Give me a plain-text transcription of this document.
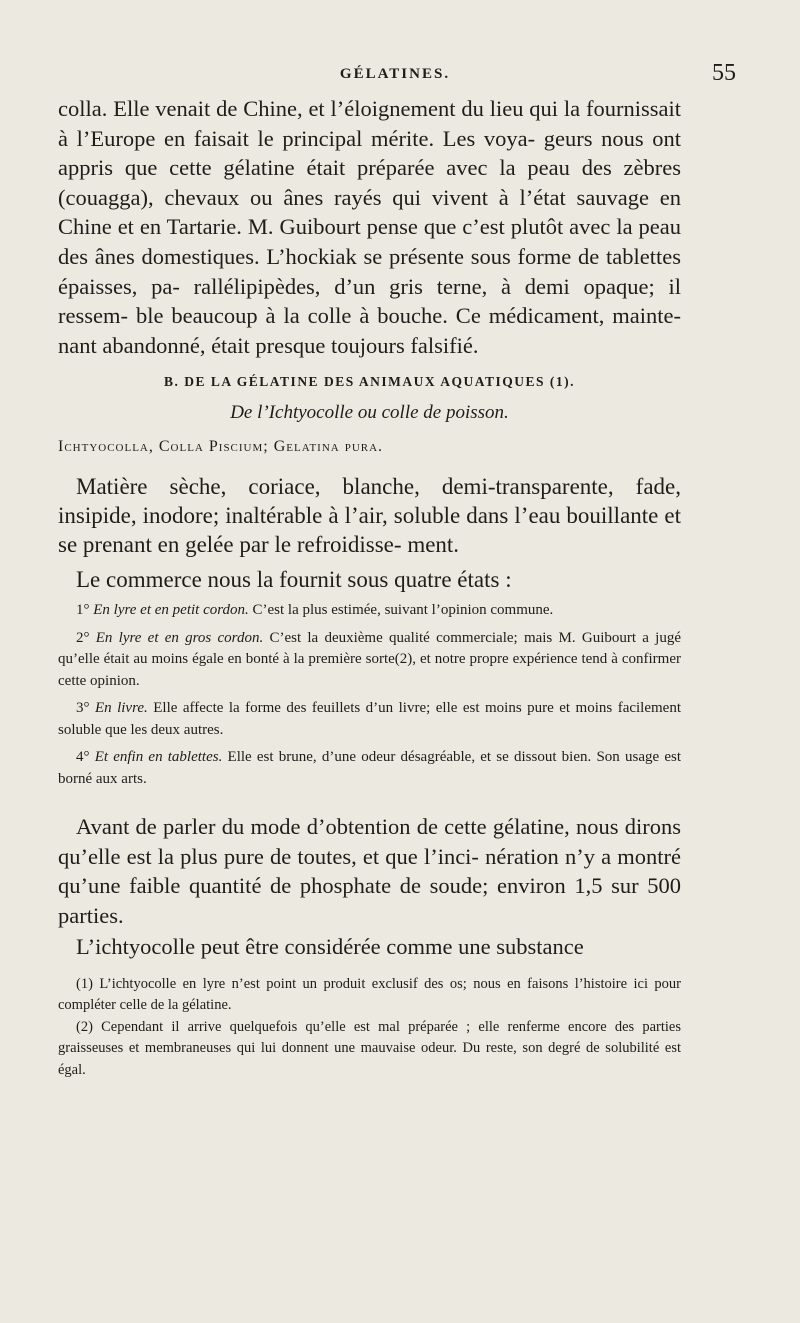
GÉLATINES.	55

colla. Elle venait de Chine, et l’éloignement du lieu qui la fournissait à l’Europe en faisait le principal mérite. Les voya- geurs nous ont appris que cette gélatine était préparée avec la peau des zèbres (couagga), chevaux ou ânes rayés qui vivent à l’état sauvage en Chine et en Tartarie. M. Guibourt pense que c’est plutôt avec la peau des ânes domestiques. L’hockiak se présente sous forme de tablettes épaisses, pa- rallélipipèdes, d’un gris terne, à demi opaque; il ressem- ble beaucoup à la colle à bouche. Ce médicament, mainte- nant abandonné, était presque toujours falsifié.

B. DE LA GÉLATINE DES ANIMAUX AQUATIQUES (1).

De l’Ichtyocolle ou colle de poisson.

Ichtyocolla, Colla Piscium; Gelatina pura.

Matière sèche, coriace, blanche, demi-transparente, fade, insipide, inodore; inaltérable à l’air, soluble dans l’eau bouillante et se prenant en gelée par le refroidisse- ment.

Le commerce nous la fournit sous quatre états :

1° En lyre et en petit cordon. C’est la plus estimée, suivant l’opinion commune.

2° En lyre et en gros cordon. C’est la deuxième qualité commerciale; mais M. Guibourt a jugé qu’elle était au moins égale en bonté à la première sorte(2), et notre propre expérience tend à confirmer cette opinion.

3° En livre. Elle affecte la forme des feuillets d’un livre; elle est moins pure et moins facilement soluble que les deux autres.

4° Et enfin en tablettes. Elle est brune, d’une odeur désagréable, et se dissout bien. Son usage est borné aux arts.

Avant de parler du mode d’obtention de cette gélatine, nous dirons qu’elle est la plus pure de toutes, et que l’inci- nération n’y a montré qu’une faible quantité de phosphate de soude; environ 1,5 sur 500 parties.

L’ichtyocolle peut être considérée comme une substance

(1) L’ichtyocolle en lyre n’est point un produit exclusif des os; nous en faisons l’histoire ici pour compléter celle de la gélatine.

(2) Cependant il arrive quelquefois qu’elle est mal préparée ; elle renferme encore des parties graisseuses et membraneuses qui lui donnent une mauvaise odeur. Du reste, son degré de solubilité est égal.
